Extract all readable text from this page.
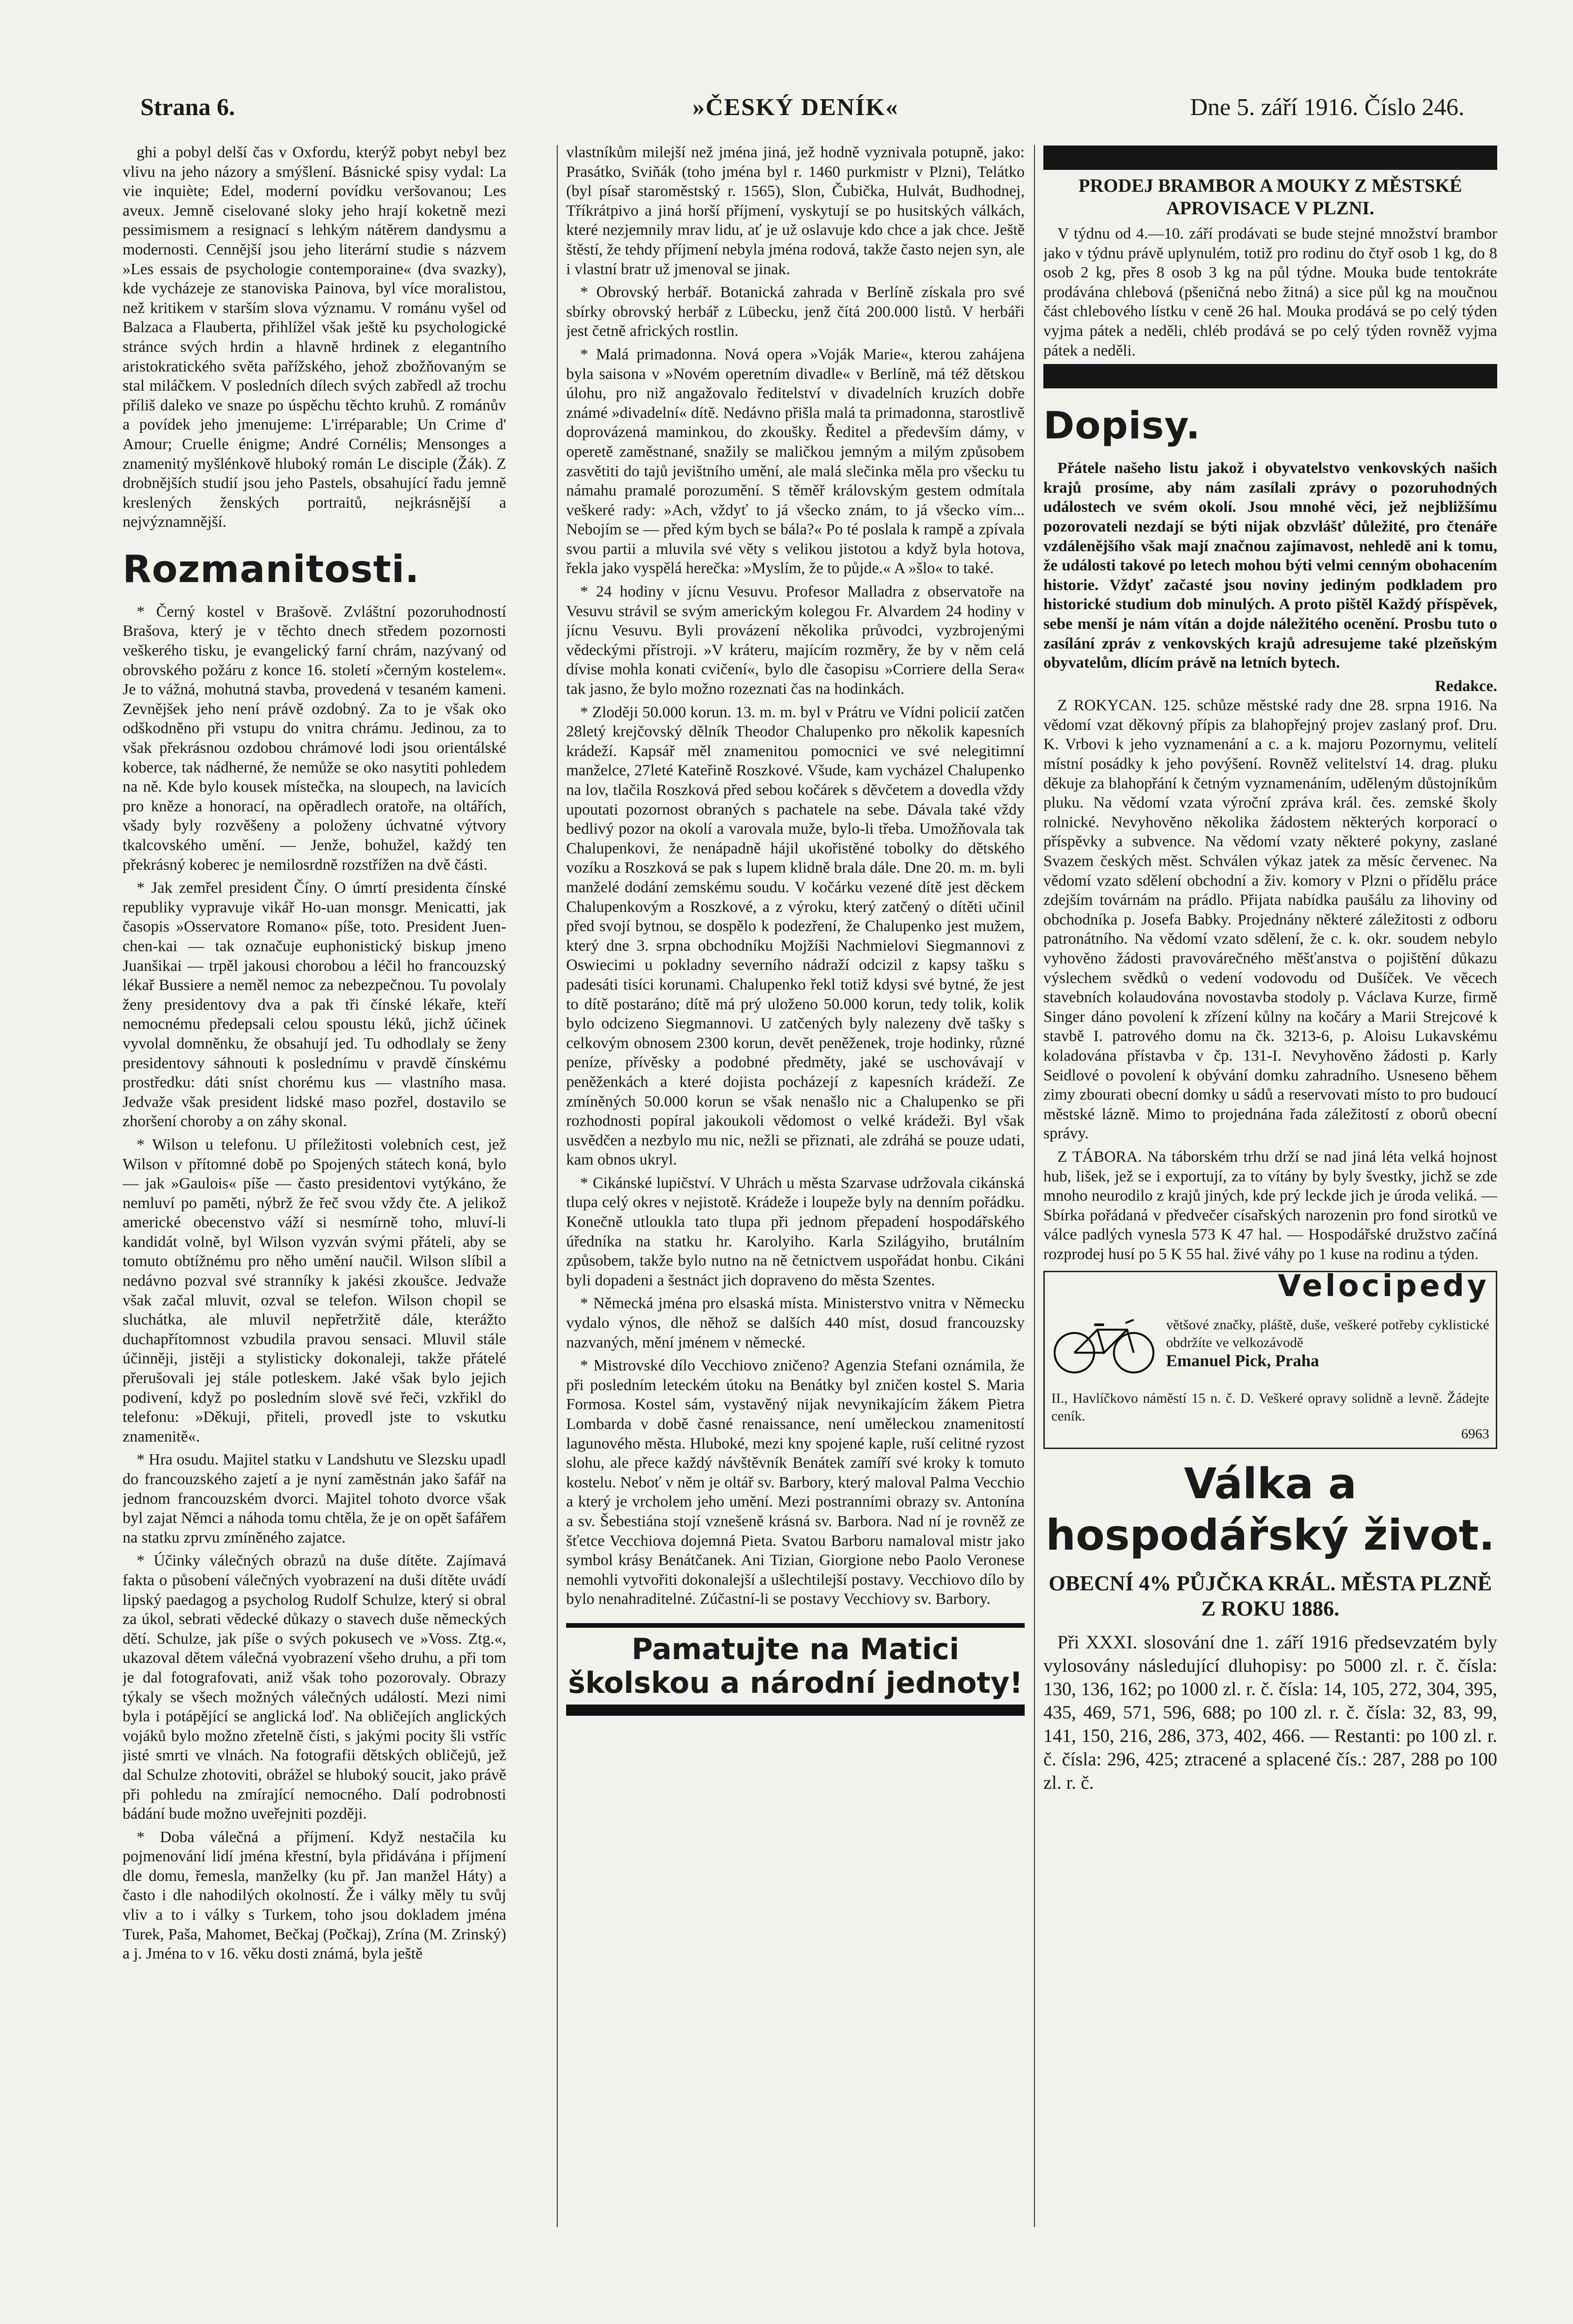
Strana 6.	»ČESKÝ DENÍK«	Dne 5. září 1916. Číslo 246.

ghi a pobyl delší čas v Oxfordu, kterýž pobyt nebyl bez vlivu na jeho názory a smýšlení. Básnické spisy vydal: La vie inquiète; Edel, moderní povídku veršovanou; Les aveux. Jemně ciselované sloky jeho hrají koketně mezi pessimismem a resignací s lehkým nátěrem dandysmu a modernosti. Cennější jsou jeho literární studie s názvem »Les essais de psychologie contemporaine« (dva svazky), kde vycházeje ze stanoviska Painova, byl více moralistou, než kritikem v starším slova významu. V románu vyšel od Balzaca a Flauberta, přihlížel však ještě ku psychologické stránce svých hrdin a hlavně hrdinek z elegantního aristokratického světa pařížského, jehož zbožňovaným se stal miláčkem. V posledních dílech svých zabředl až trochu příliš daleko ve snaze po úspěchu těchto kruhů. Z románův a povídek jeho jmenujeme: L'irréparable; Un Crime d' Amour; Cruelle énigme; André Cornélis; Mensonges a znamenitý myšlénkově hluboký román Le disciple (Žák). Z drobnějších studií jsou jeho Pastels, obsahující řadu jemně kreslených ženských portraitů, nejkrásnější a nejvýznamnější.

Rozmanitosti.

* Černý kostel v Brašově. Zvláštní pozoruhodností Brašova, který je v těchto dnech středem pozornosti veškerého tisku, je evangelický farní chrám, nazývaný od obrovského požáru z konce 16. století »černým kostelem«. Je to vážná, mohutná stavba, provedená v tesaném kameni. Zevnějšek jeho není právě ozdobný. Za to je však oko odškodněno při vstupu do vnitra chrámu. Jedinou, za to však překrásnou ozdobou chrámové lodi jsou orientálské koberce, tak nádherné, že nemůže se oko nasytiti pohledem na ně. Kde bylo kousek místečka, na sloupech, na lavicích pro kněze a honorací, na opěradlech oratoře, na oltářích, všady byly rozvěšeny a položeny úchvatné výtvory tkalcovského umění. — Jenže, bohužel, každý ten překrásný koberec je nemilosrdně rozstřížen na dvě části.

* Jak zemřel president Číny. O úmrtí presidenta čínské republiky vypravuje vikář Ho-uan monsgr. Menicatti, jak časopis »Osservatore Romano« píše, toto. President Juen-chen-kai — tak označuje euphonistický biskup jmeno Juanšikai — trpěl jakousi chorobou a léčil ho francouzský lékař Bussiere a neměl nemoc za nebezpečnou. Tu povolaly ženy presidentovy dva a pak tři čínské lékaře, kteří nemocnému předepsali celou spoustu léků, jichž účinek vyvolal domněnku, že obsahují jed. Tu odhodlaly se ženy presidentovy sáhnouti k poslednímu v pravdě čínskému prostředku: dáti sníst chorému kus — vlastního masa. Jedvaže však president lidské maso pozřel, dostavilo se zhoršení choroby a on záhy skonal.

* Wilson u telefonu. U příležitosti volebních cest, jež Wilson v přítomné době po Spojených státech koná, bylo — jak »Gaulois« píše — často presidentovi vytýkáno, že nemluví po paměti, nýbrž že řeč svou vždy čte. A jelikož americké obecenstvo váží si nesmírně toho, mluví-li kandidát volně, byl Wilson vyzván svými přáteli, aby se tomuto obtížnému pro něho umění naučil. Wilson slíbil a nedávno pozval své stranníky k jakési zkoušce. Jedvaže však začal mluvit, ozval se telefon. Wilson chopil se sluchátka, ale mluvil nepřetržitě dále, kterážto duchapřítomnost vzbudila pravou sensaci. Mluvil stále účinněji, jistěji a stylisticky dokonaleji, takže přátelé přerušovali jej stále potleskem. Jaké však bylo jejich podivení, když po posledním slově své řeči, vzkřikl do telefonu: »Děkuji, přiteli, provedl jste to vskutku znamenitě«.

* Hra osudu. Majitel statku v Landshutu ve Slezsku upadl do francouzského zajetí a je nyní zaměstnán jako šafář na jednom francouzském dvorci. Majitel tohoto dvorce však byl zajat Němci a náhoda tomu chtěla, že je on opět šafářem na statku zprvu zmíněného zajatce.

* Účinky válečných obrazů na duše dítěte. Zajímavá fakta o působení válečných vyobrazení na duši dítěte uvádí lipský paedagog a psycholog Rudolf Schulze, který si obral za úkol, sebrati vědecké důkazy o stavech duše německých dětí. Schulze, jak píše o svých pokusech ve »Voss. Ztg.«, ukazoval dětem válečná vyobrazení všeho druhu, a při tom je dal fotografovati, aniž však toho pozorovaly. Obrazy týkaly se všech možných válečných událostí. Mezi nimi byla i potápějící se anglická loď. Na obličejích anglických vojáků bylo možno zřetelně čísti, s jakými pocity šli vstříc jisté smrti ve vlnách. Na fotografii dětských obličejů, jež dal Schulze zhotoviti, obrážel se hluboký soucit, jako právě při pohledu na zmírající nemocného. Dalí podrobnosti bádání bude možno uveřejniti později.

* Doba válečná a příjmení. Když nestačila ku pojmenování lidí jména křestní, byla přidávána i příjmení dle domu, řemesla, manželky (ku př. Jan manžel Háty) a často i dle nahodilých okolností. Že i války měly tu svůj vliv a to i války s Turkem, toho jsou dokladem jména Turek, Paša, Mahomet, Bečkaj (Počkaj), Zrína (M. Zrinský) a j. Jména to v 16. věku dosti známá, byla ještě

vlastníkům milejší než jména jiná, jež hodně vyznivala potupně, jako: Prasátko, Sviňák (toho jména byl r. 1460 purkmistr v Plzni), Telátko (byl písař staroměstský r. 1565), Slon, Čubička, Hulvát, Budhodnej, Tříkrátpivo a jiná horší příjmení, vyskytují se po husitských válkách, které nezjemnily mrav lidu, ať je už oslavuje kdo chce a jak chce. Ještě štěstí, že tehdy příjmení nebyla jména rodová, takže často nejen syn, ale i vlastní bratr už jmenoval se jinak.

* Obrovský herbář. Botanická zahrada v Berlíně získala pro své sbírky obrovský herbář z Lübecku, jenž čítá 200.000 listů. V herbáři jest četně afrických rostlin.

* Malá primadonna. Nová opera »Voják Marie«, kterou zahájena byla saisona v »Novém operetním divadle« v Berlíně, má též dětskou úlohu, pro niž angažovalo ředitelství v divadelních kruzích dobře známé »divadelní« dítě. Nedávno přišla malá ta primadonna, starostlivě doprovázená maminkou, do zkoušky. Ředitel a především dámy, v operetě zaměstnané, snažily se maličkou jemným a milým způsobem zasvětiti do tajů jevištního umění, ale malá slečinka měla pro všecku tu námahu pramalé porozumění. S těměř královským gestem odmítala veškeré rady: »Ach, vždyť to já všecko znám, to já všecko vím... Nebojím se — před kým bych se bála?« Po té poslala k rampě a zpívala svou partii a mluvila své věty s velikou jistotou a když byla hotova, řekla jako vyspělá herečka: »Myslím, že to půjde.« A »šlo« to také.

* 24 hodiny v jícnu Vesuvu. Profesor Malladra z observatoře na Vesuvu strávil se svým americkým kolegou Fr. Alvardem 24 hodiny v jícnu Vesuvu. Byli provázení několika průvodci, vyzbrojenými vědeckými přístroji. »V kráteru, majícím rozměry, že by v něm celá dívise mohla konati cvičení«, bylo dle časopisu »Corriere della Sera« tak jasno, že bylo možno rozeznati čas na hodinkách.

* Zloději 50.000 korun. 13. m. m. byl v Prátru ve Vídni policií zatčen 28letý krejčovský dělník Theodor Chalupenko pro několik kapesních krádeží. Kapsář měl znamenitou pomocnici ve své nelegitimní manželce, 27leté Kateřině Roszkové. Všude, kam vycházel Chalupenko na lov, tlačila Roszková před sebou kočárek s děvčetem a dovedla vždy upoutati pozornost obraných s pachatele na sebe. Dávala také vždy bedlivý pozor na okolí a varovala muže, bylo-li třeba. Umožňovala tak Chalupenkovi, že nenápadně hájil ukořistěné tobolky do dětského vozíku a Roszková se pak s lupem klidně brala dále. Dne 20. m. m. byli manželé dodání zemskému soudu. V kočárku vezené dítě jest děckem Chalupenkovým a Roszkové, a z výroku, který zatčený o dítěti učinil před svojí bytnou, se dospělo k podezření, že Chalupenko jest mužem, který dne 3. srpna obchodníku Mojžíši Nachmielovi Siegmannovi z Oswiecimi u pokladny severního nádraží odcizil z kapsy tašku s padesáti tisíci korunami. Chalupenko řekl totiž kdysi své bytné, že jest to dítě postaráno; dítě má prý uloženo 50.000 korun, tedy tolik, kolik bylo odcizeno Siegmannovi. U zatčených byly nalezeny dvě tašky s celkovým obnosem 2300 korun, devět peněženek, troje hodinky, různé peníze, přívěsky a podobné předměty, jaké se uschovávají v peněženkách a které dojista pocházejí z kapesních krádeží. Ze zmíněných 50.000 korun se však nenašlo nic a Chalupenko se při rozhodnosti popíral jakoukoli vědomost o velké krádeži. Byl však usvědčen a nezbylo mu nic, nežli se přiznati, ale zdráhá se pouze udati, kam obnos ukryl.

* Cikánské lupičství. V Uhrách u města Szarvase udržovala cikánská tlupa celý okres v nejistotě. Krádeže i loupeže byly na denním pořádku. Konečně utloukla tato tlupa při jednom přepadení hospodářského úředníka na statku hr. Karolyiho. Karla Szilágyiho, brutálním způsobem, takže bylo nutno na ně četnictvem uspořádat honbu. Cikáni byli dopadeni a šestnáct jich dopraveno do města Szentes.

* Německá jména pro elsaská místa. Ministerstvo vnitra v Německu vydalo výnos, dle něhož se dalších 440 míst, dosud francouzsky nazvaných, mění jménem v německé.

* Mistrovské dílo Vecchiovo zničeno? Agenzia Stefani oznámila, že při posledním leteckém útoku na Benátky byl zničen kostel S. Maria Formosa. Kostel sám, vystavěný nijak nevynikajícím žákem Pietra Lombarda v době časné renaissance, není uměleckou znamenitostí lagunového města. Hluboké, mezi kny spojené kaple, ruší celitné ryzost slohu, ale přece každý návštěvník Benátek zamíří své kroky k tomuto kostelu. Neboť v něm je oltář sv. Barbory, který maloval Palma Vecchio a který je vrcholem jeho umění. Mezi postranními obrazy sv. Antonína a sv. Šebestiána stojí vznešeně krásná sv. Barbora. Nad ní je rovněž ze šťetce Vecchiova dojemná Pieta. Svatou Barboru namaloval mistr jako symbol krásy Benátčanek. Ani Tizian, Giorgione nebo Paolo Veronese nemohli vytvořiti dokonalejší a ušlechtilejší postavy. Vecchiovo dílo by bylo nenahraditelné. Zúčastní-li se postavy Vecchiovy sv. Barbory.

Pamatujte na Matici školskou a národní jednoty!
PRODEJ BRAMBOR A MOUKY Z MĚSTSKÉ APROVISACE V PLZNI.

V týdnu od 4.—10. září prodávati se bude stejné množství brambor jako v týdnu právě uplynulém, totiž pro rodinu do čtyř osob 1 kg, do 8 osob 2 kg, přes 8 osob 3 kg na půl týdne. Mouka bude tentokráte prodávána chlebová (pšeničná nebo žitná) a sice půl kg na moučnou část chlebového lístku v ceně 26 hal. Mouka prodává se po celý týden vyjma pátek a neděli, chléb prodává se po celý týden rovněž vyjma pátek a neděli.

Dopisy.

Přátele našeho listu jakož i obyvatelstvo venkovských našich krajů prosíme, aby nám zasílali zprávy o pozoruhodných událostech ve svém okolí. Jsou mnohé věci, jež nejbližšímu pozorovateli nezdají se býti nijak obzvlášť důležité, pro čtenáře vzdálenějšího však mají značnou zajímavost, nehledě ani k tomu, že události takové po letech mohou býti velmi cenným obohacením historie. Vždyť začasté jsou noviny jediným podkladem pro historické studium dob minulých. A proto pištěl Každý příspěvek, sebe menší je nám vítán a dojde náležitého ocenění. Prosbu tuto o zasílání zpráv z venkovských krajů adresujeme také plzeňským obyvatelům, dlícím právě na letních bytech.

Redakce.

Z ROKYCAN. 125. schůze městské rady dne 28. srpna 1916. Na vědomí vzat děkovný přípis za blahopřejný projev zaslaný prof. Dru. K. Vrbovi k jeho vyznamenání a c. a k. majoru Pozornymu, velitelí místní posádky k jeho povýšení. Rovněž velitelství 14. drag. pluku děkuje za blahopřání k četným vyznamenáním, uděleným důstojníkům pluku. Na vědomí vzata výroční zpráva král. čes. zemské školy rolnické. Nevyhověno několika žádostem některých korporací o příspěvky a subvence. Na vědomí vzaty některé pokyny, zaslané Svazem českých měst. Schválen výkaz jatek za měsíc červenec. Na vědomí vzato sdělení obchodní a živ. komory v Plzni o přídělu práce zdejším továrnám na prádlo. Přijata nabídka paušálu za lihoviny od obchodníka p. Josefa Babky. Projednány některé záležitosti z odboru patronátního. Na vědomí vzato sdělení, že c. k. okr. soudem nebylo vyhověno žádosti pravovárečného měšťanstva o pojištění důkazu výslechem svědků o vedení vodovodu od Dušíček. Ve věcech stavebních kolaudována novostavba stodoly p. Václava Kurze, firmě Singer dáno povolení k zřízení kůlny na kočáry a Marii Strejcové k stavbě I. patrového domu na čk. 3213-6, p. Aloisu Lukavskému koladována přístavba v čp. 131-I. Nevyhověno žádosti p. Karly Seidlové o povolení k obývání domku zahradního. Usneseno během zimy zbourati obecní domky u sádů a reservovati místo to pro budoucí městské lázně. Mimo to projednána řada záležitostí z oborů obecní správy.

Z TÁBORA. Na táborském trhu drží se nad jiná léta velká hojnost hub, lišek, jež se i exportují, za to vítány by byly švestky, jichž se zde mnoho neurodilo z krajů jiných, kde prý leckde jich je úroda veliká. — Sbírka pořádaná v předvečer císařských narozenin pro fond sirotků ve válce padlých vynesla 573 K 47 hal. — Hospodářské družstvo začíná rozprodej husí po 5 K 55 hal. živé váhy po 1 kuse na rodinu a týden.

Velocipedy
většové značky, pláště, duše, veškeré potřeby cyklistické obdržíte ve velkozávodě
Emanuel Pick, Praha
II., Havlíčkovo náměstí 15 n. č. D. Veškeré opravy solidně a levně. Žádejte ceník.
6963
Válka a hospodářský život.
OBECNÍ 4% PŮJČKA KRÁL. MĚSTA PLZNĚ Z ROKU 1886.

Při XXXI. slosování dne 1. září 1916 předsevzatém byly vylosovány následující dluhopisy: po 5000 zl. r. č. čísla: 130, 136, 162; po 1000 zl. r. č. čísla: 14, 105, 272, 304, 395, 435, 469, 571, 596, 688; po 100 zl. r. č. čísla: 32, 83, 99, 141, 150, 216, 286, 373, 402, 466. — Restanti: po 100 zl. r. č. čísla: 296, 425; ztracené a splacené čís.: 287, 288 po 100 zl. r. č.
